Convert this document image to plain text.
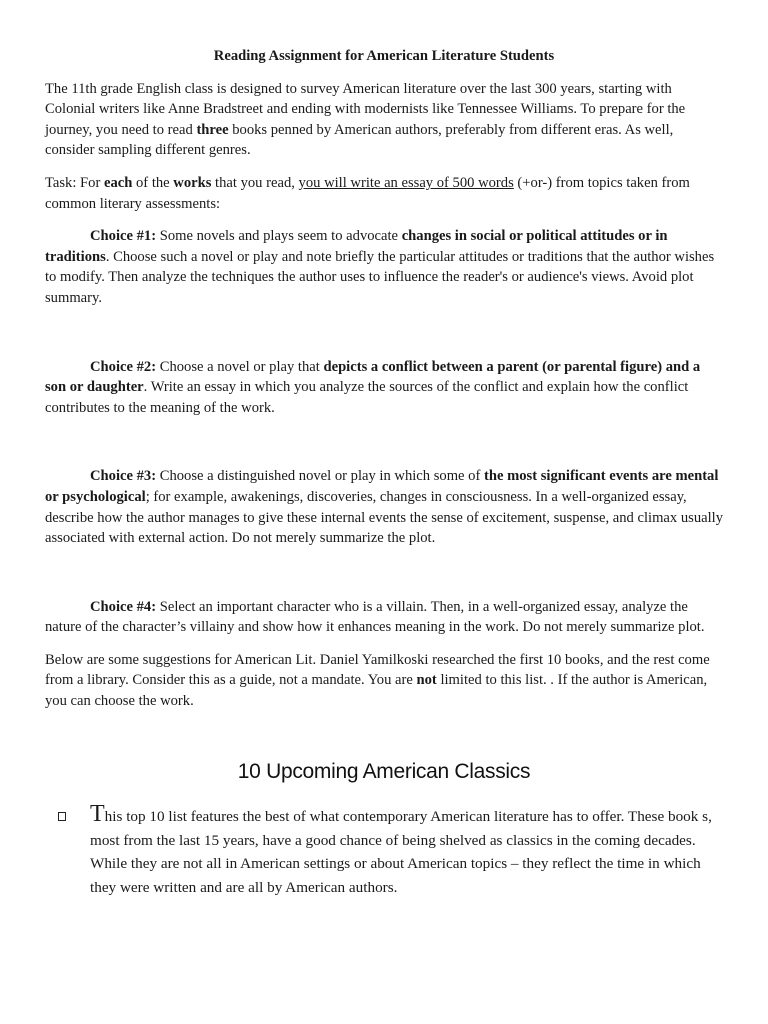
Reading Assignment for American Literature Students

The 11th grade English class is designed to survey American literature over the last 300 years, starting with Colonial writers like Anne Bradstreet and ending with modernists like Tennessee Williams. To prepare for the journey, you need to read three books penned by American authors, preferably from different eras. As well, consider sampling different genres.

Task: For each of the works that you read, you will write an essay of 500 words (+or-) from topics taken from common literary assessments:

Choice #1: Some novels and plays seem to advocate changes in social or political attitudes or in traditions. Choose such a novel or play and note briefly the particular attitudes or traditions that the author wishes to modify. Then analyze the techniques the author uses to influence the reader's or audience's views. Avoid plot summary.

Choice #2: Choose a novel or play that depicts a conflict between a parent (or parental figure) and a son or daughter. Write an essay in which you analyze the sources of the conflict and explain how the conflict contributes to the meaning of the work.

Choice #3: Choose a distinguished novel or play in which some of the most significant events are mental or psychological; for example, awakenings, discoveries, changes in consciousness. In a well-organized essay, describe how the author manages to give these internal events the sense of excitement, suspense, and climax usually associated with external action. Do not merely summarize the plot.

Choice #4: Select an important character who is a villain. Then, in a well-organized essay, analyze the nature of the character’s villainy and show how it enhances meaning in the work. Do not merely summarize plot.

Below are some suggestions for American Lit. Daniel Yamilkoski researched the first 10 books, and the rest come from a library. Consider this as a guide, not a mandate. You are not limited to this list. . If the author is American, you can choose the work.

10 Upcoming American Classics
This top 10 list features the best of what contemporary American literature has to offer. These book s, most from the last 15 years, have a good chance of being shelved as classics in the coming decades. While they are not all in American settings or about American topics – they reflect the time in which they were written and are all by American authors.
